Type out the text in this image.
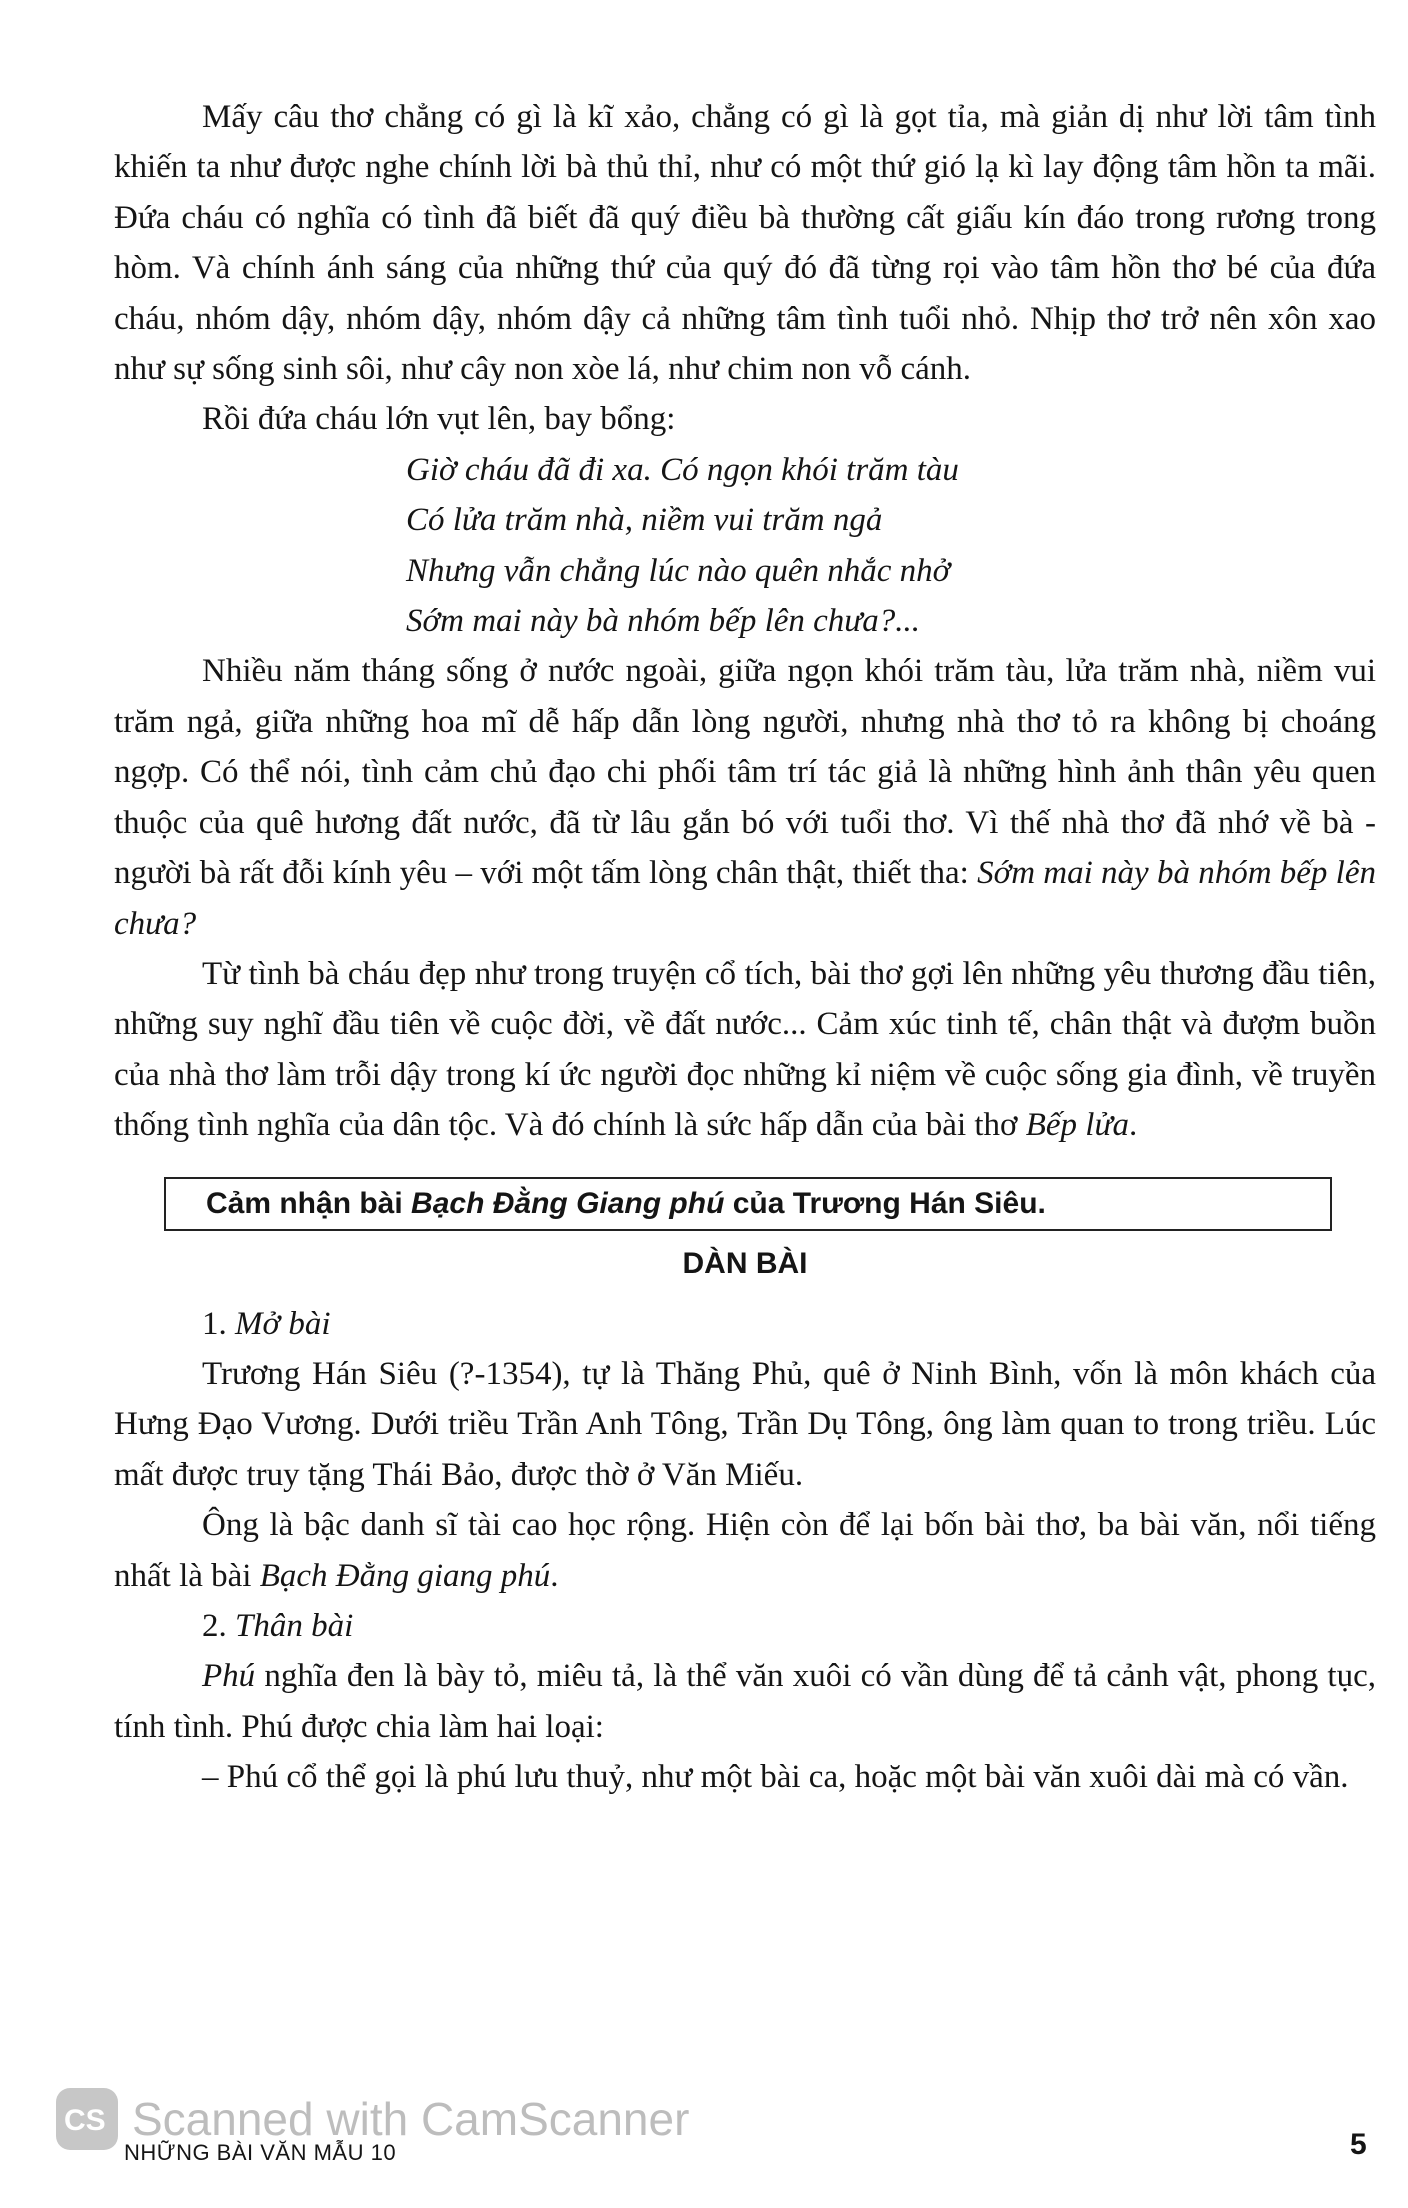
Mấy câu thơ chẳng có gì là kĩ xảo, chẳng có gì là gọt tỉa, mà giản dị như lời tâm tình khiến ta như được nghe chính lời bà thủ thỉ, như có một thứ gió lạ kì lay động tâm hồn ta mãi. Đứa cháu có nghĩa có tình đã biết đã quý điều bà thường cất giấu kín đáo trong rương trong hòm. Và chính ánh sáng của những thứ của quý đó đã từng rọi vào tâm hồn thơ bé của đứa cháu, nhóm dậy, nhóm dậy, nhóm dậy cả những tâm tình tuổi nhỏ. Nhịp thơ trở nên xôn xao như sự sống sinh sôi, như cây non xòe lá, như chim non vỗ cánh.

Rồi đứa cháu lớn vụt lên, bay bổng:

Giờ cháu đã đi xa. Có ngọn khói trăm tàu
Có lửa trăm nhà, niềm vui trăm ngả
Nhưng vẫn chẳng lúc nào quên nhắc nhở
Sớm mai này bà nhóm bếp lên chưa?...

Nhiều năm tháng sống ở nước ngoài, giữa ngọn khói trăm tàu, lửa trăm nhà, niềm vui trăm ngả, giữa những hoa mĩ dễ hấp dẫn lòng người, nhưng nhà thơ tỏ ra không bị choáng ngợp. Có thể nói, tình cảm chủ đạo chi phối tâm trí tác giả là những hình ảnh thân yêu quen thuộc của quê hương đất nước, đã từ lâu gắn bó với tuổi thơ. Vì thế nhà thơ đã nhớ về bà - người bà rất đỗi kính yêu – với một tấm lòng chân thật, thiết tha: Sớm mai này bà nhóm bếp lên chưa?

Từ tình bà cháu đẹp như trong truyện cổ tích, bài thơ gợi lên những yêu thương đầu tiên, những suy nghĩ đầu tiên về cuộc đời, về đất nước... Cảm xúc tinh tế, chân thật và đượm buồn của nhà thơ làm trỗi dậy trong kí ức người đọc những kỉ niệm về cuộc sống gia đình, về truyền thống tình nghĩa của dân tộc. Và đó chính là sức hấp dẫn của bài thơ Bếp lửa.

Cảm nhận bài Bạch Đằng Giang phú của Trương Hán Siêu.
DÀN BÀI
1. Mở bài

Trương Hán Siêu (?-1354), tự là Thăng Phủ, quê ở Ninh Bình, vốn là môn khách của Hưng Đạo Vương. Dưới triều Trần Anh Tông, Trần Dụ Tông, ông làm quan to trong triều. Lúc mất được truy tặng Thái Bảo, được thờ ở Văn Miếu.

Ông là bậc danh sĩ tài cao học rộng. Hiện còn để lại bốn bài thơ, ba bài văn, nổi tiếng nhất là bài Bạch Đằng giang phú.

2. Thân bài

Phú nghĩa đen là bày tỏ, miêu tả, là thể văn xuôi có vần dùng để tả cảnh vật, phong tục, tính tình. Phú được chia làm hai loại:

– Phú cổ thể gọi là phú lưu thuỷ, như một bài ca, hoặc một bài văn xuôi dài mà có vần.

CS Scanned with CamScanner
NHỮNG BÀI VĂN MẪU 10	5
